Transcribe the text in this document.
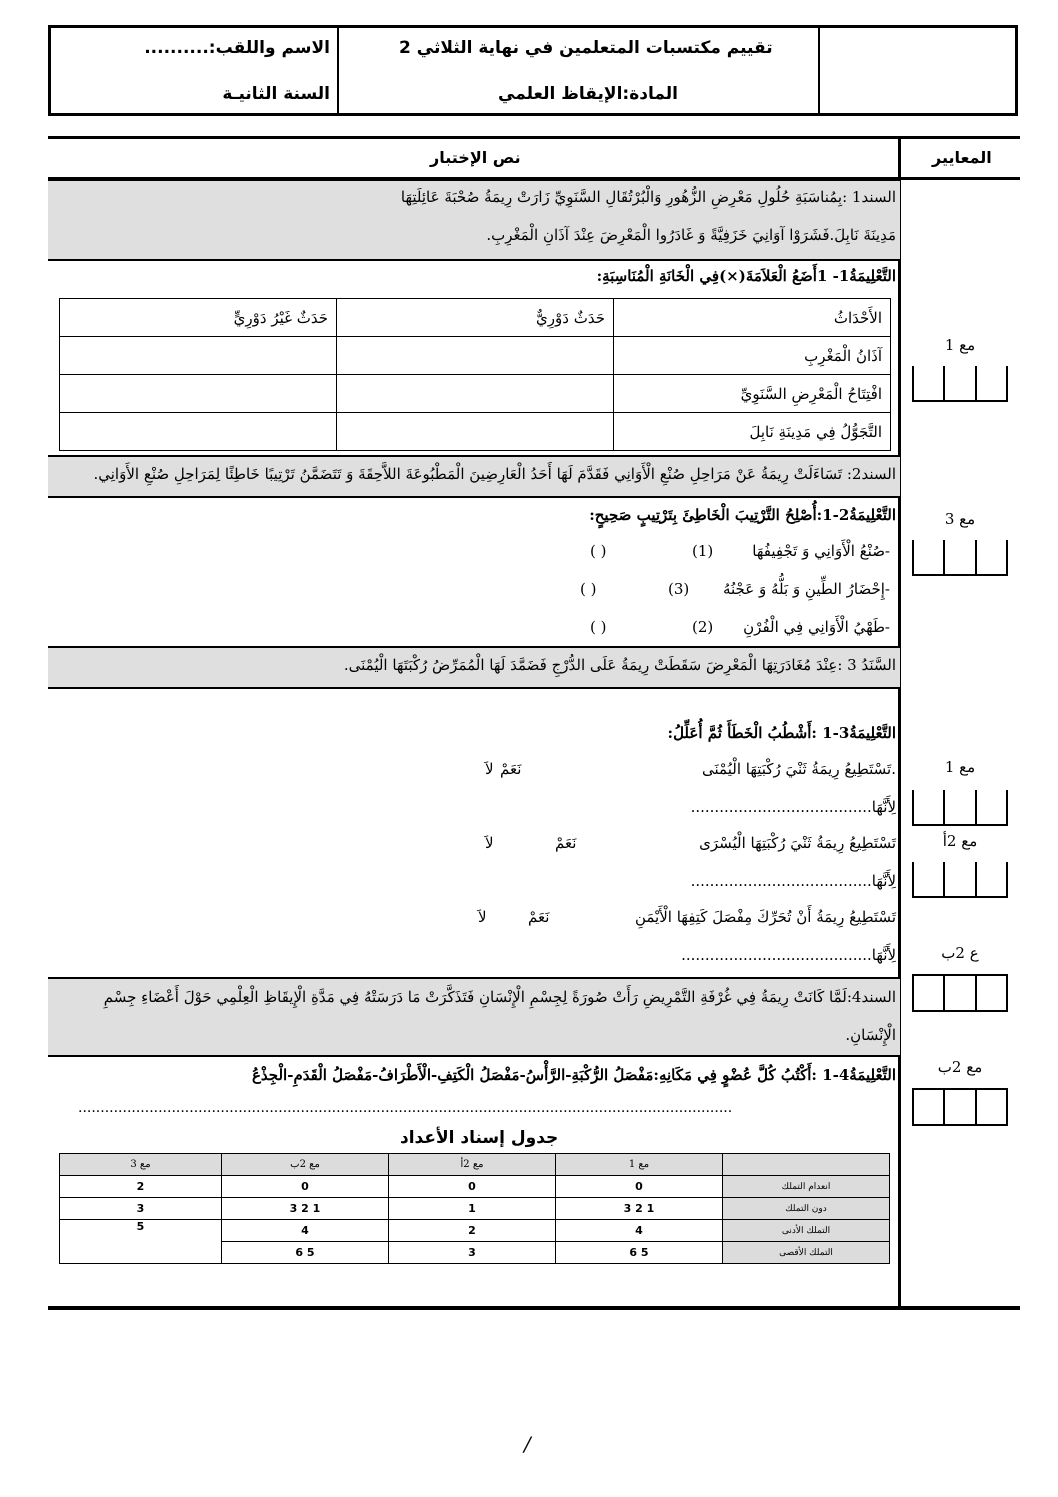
تقييم مكتسبات المتعلمين في نهاية الثلاثي 2
المادة:الإيقاظ العلمي
الاسم واللقب:..........
السنة الثانيـة
نص الإختبار	المعايير
السند1 :بِمُناسَبَةِ حُلُولِ مَعْرِضِ الزُّهُورِ وَالْبُرْتُقَالِ السَّنَوِيِّ زَارَتْ رِيمَةُ صُحْبَةَ عَائِلَتِهَا
مَدِينَةَ نَابِلَ.فَشَرَوْا آوَانِيَ خَزَفِيَّةً وَ غَادَرُوا الْمَعْرِضَ عِنْدَ آذَانِ الْمَغْرِبِ.
التَّعْلِيمَةُ1- 1أَضَعُ الْعَلاَمَةَ(×)فِي الْخَانَةِ الْمُنَاسِبَةِ:
حَدَثٌ غَيْرُ دَوْرِيٍّ	حَدَثٌ دَوْرِيٌّ	الأَحْدَاثُ
		آذَانُ الْمَغْرِبِ
		افْتِتَاحُ الْمَعْرِضِ السَّنَوِيِّ
		التَّجَوُّلُ فِي مَدِينَةِ نَابِلَ
السند2: تَسَاءَلَتْ رِيمَةُ عَنْ مَرَاحِلِ صُنْعِ الْأَوَانِي فَقَدَّمَ لَهَا أَحَدُ الْعَارِضِينَ الْمَطْبُوعَةَ اللاَّحِقَةَ وَ تَتَضَمَّنُ تَرْتِيبًا خَاطِئًا لِمَرَاحِلِ صُنْعِ الأَوَانِي.
التَّعْلِيمَةُ2-1:أُصْلِحُ التَّرْتِيبَ الْخَاطِئَ بِتَرْتِيبٍ صَحِيحٍ:
-صُنْعُ الْأَوَانِي وَ تَجْفِيفُهَا
(1)
( )
-إِحْضَارُ الطِّينِ وَ بَلُّهُ وَ عَجْنُهُ
(3)
( )
-طَهْيُ الْأَوَانِي فِي الْفُرْنِ
(2)
( )
السَّنَدُ 3 :عِنْدَ مُغَادَرَتِهَا الْمَعْرِضَ سَقَطَتْ رِيمَةُ عَلَى الدُّرْجِ فَضَمَّدَ لَهَا الْمُمَرِّضُ رُكْبَتَهَا الْيُمْنَى.
التَّعْلِيمَةُ3-1 :أَشْطُبُ الْخَطَأَ ثُمَّ أُعَلِّلُ:
.تَسْتَطِيعُ رِيمَةُ ثَنْيَ رُكْبَتِهَا الْيُمْنَى
نَعَمْ
لاَ
لِأَنَّهَا......................................
تَسْتَطِيعُ رِيمَةُ ثَنْيَ رُكْبَتِهَا الْيُسْرَى
نَعَمْ
لاَ
لِأَنَّهَا......................................
تَسْتَطِيعُ رِيمَةُ أَنْ تُحَرِّكَ مِفْصَلَ كَتِفِهَا الْأَيْمَنِ
نَعَمْ
لاَ
لِأَنَّهَا........................................
السند4:لَمَّا كَانَتْ رِيمَةُ فِي غُرْفَةِ التَّمْرِيضِ رَأَتْ صُورَةً لِجِسْمِ الْإِنْسَانِ فَتَذَكَّرَتْ مَا دَرَسَتْهُ فِي مَدَّةِ الْإِيقَاظِ الْعِلْمِي حَوْلَ أَعْضَاءِ جِسْمِ
الْإِنْسَانِ.
التَّعْلِيمَةُ4-1 :أَكْتُبُ كُلَّ عُضْوٍ فِي مَكَانِهِ:مَفْصَلُ الرُّكْبَةِ-الرَّأْسُ-مَفْصَلُ الْكَتِفِ-الْأَطْرَافُ-مَفْصَلُ الْقَدَمِ-الْجِذْعُ
...................................................................................................................................................
جدول إسناد الأعداد
	مع 1	مع 2أ	مع 2ب	مع 3
انعدام التملك	0	0	0	2
دون التملك	1 2 3	1	1 2 3	3
التملك الأدنى	4	2	4	5
التملك الأقصى	5 6	3	5 6	
مع 1
مع 3
مع 1
مع 2أ
ع 2ب
مع 2ب
/
